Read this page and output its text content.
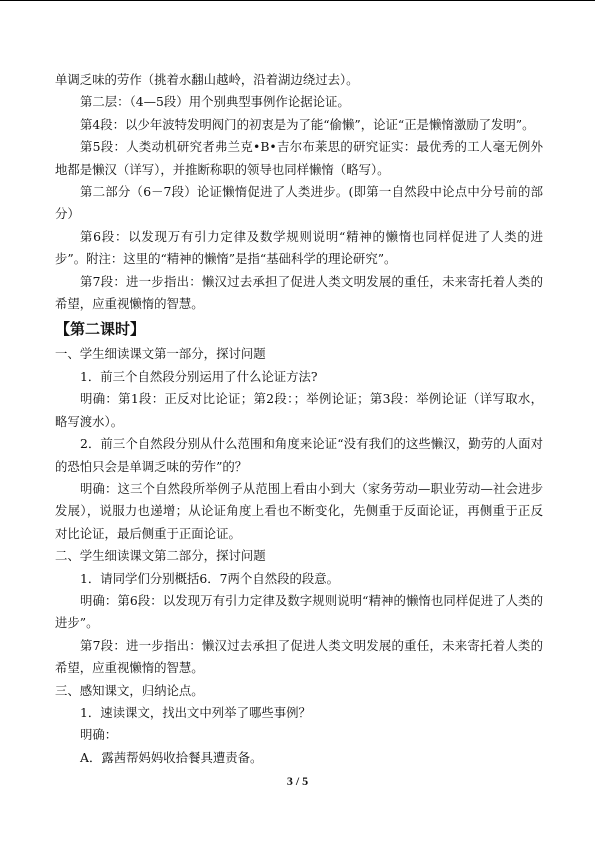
单调乏味的劳作（挑着水翻山越岭，沿着湖边绕过去）。

第二层：（4—5段）用个别典型事例作论据论证。

第4段：以少年波特发明阀门的初衷是为了能“偷懒”，论证“正是懒惰激励了发明”。

第5段：人类动机研究者弗兰克•B•吉尔布莱思的研究证实：最优秀的工人毫无例外地都是懒汉（详写），并推断称职的领导也同样懒惰（略写）。

第二部分（6－7段）论证懒惰促进了人类进步。(即第一自然段中论点中分号前的部分）

第6段：以发现万有引力定律及数学规则说明“精神的懒惰也同样促进了人类的进步”。附注：这里的“精神的懒惰”是指“基础科学的理论研究”。

第7段：进一步指出：懒汉过去承担了促进人类文明发展的重任，未来寄托着人类的希望，应重视懒惰的智慧。

【第二课时】

一、学生细读课文第一部分，探讨问题

1．前三个自然段分别运用了什么论证方法?

明确：第1段：正反对比论证；第2段：；举例论证；第3段：举例论证（详写取水，略写渡水）。

2．前三个自然段分别从什么范围和角度来论证“没有我们的这些懒汉，勤劳的人面对的恐怕只会是单调乏味的劳作”的？

明确：这三个自然段所举例子从范围上看由小到大（家务劳动—职业劳动—社会进步发展），说服力也递增；从论证角度上看也不断变化，先侧重于反面论证，再侧重于正反对比论证，最后侧重于正面论证。

二、学生细读课文第二部分，探讨问题

1．请同学们分别概括6．7两个自然段的段意。

明确：第6段：以发现万有引力定律及数字规则说明“精神的懒惰也同样促进了人类的进步”。

第7段：进一步指出：懒汉过去承担了促进人类文明发展的重任，未来寄托着人类的希望，应重视懒惰的智慧。

三、感知课文，归纳论点。

1．速读课文，找出文中列举了哪些事例？

明确：

A．露茜帮妈妈收拾餐具遭责备。

3 / 5
